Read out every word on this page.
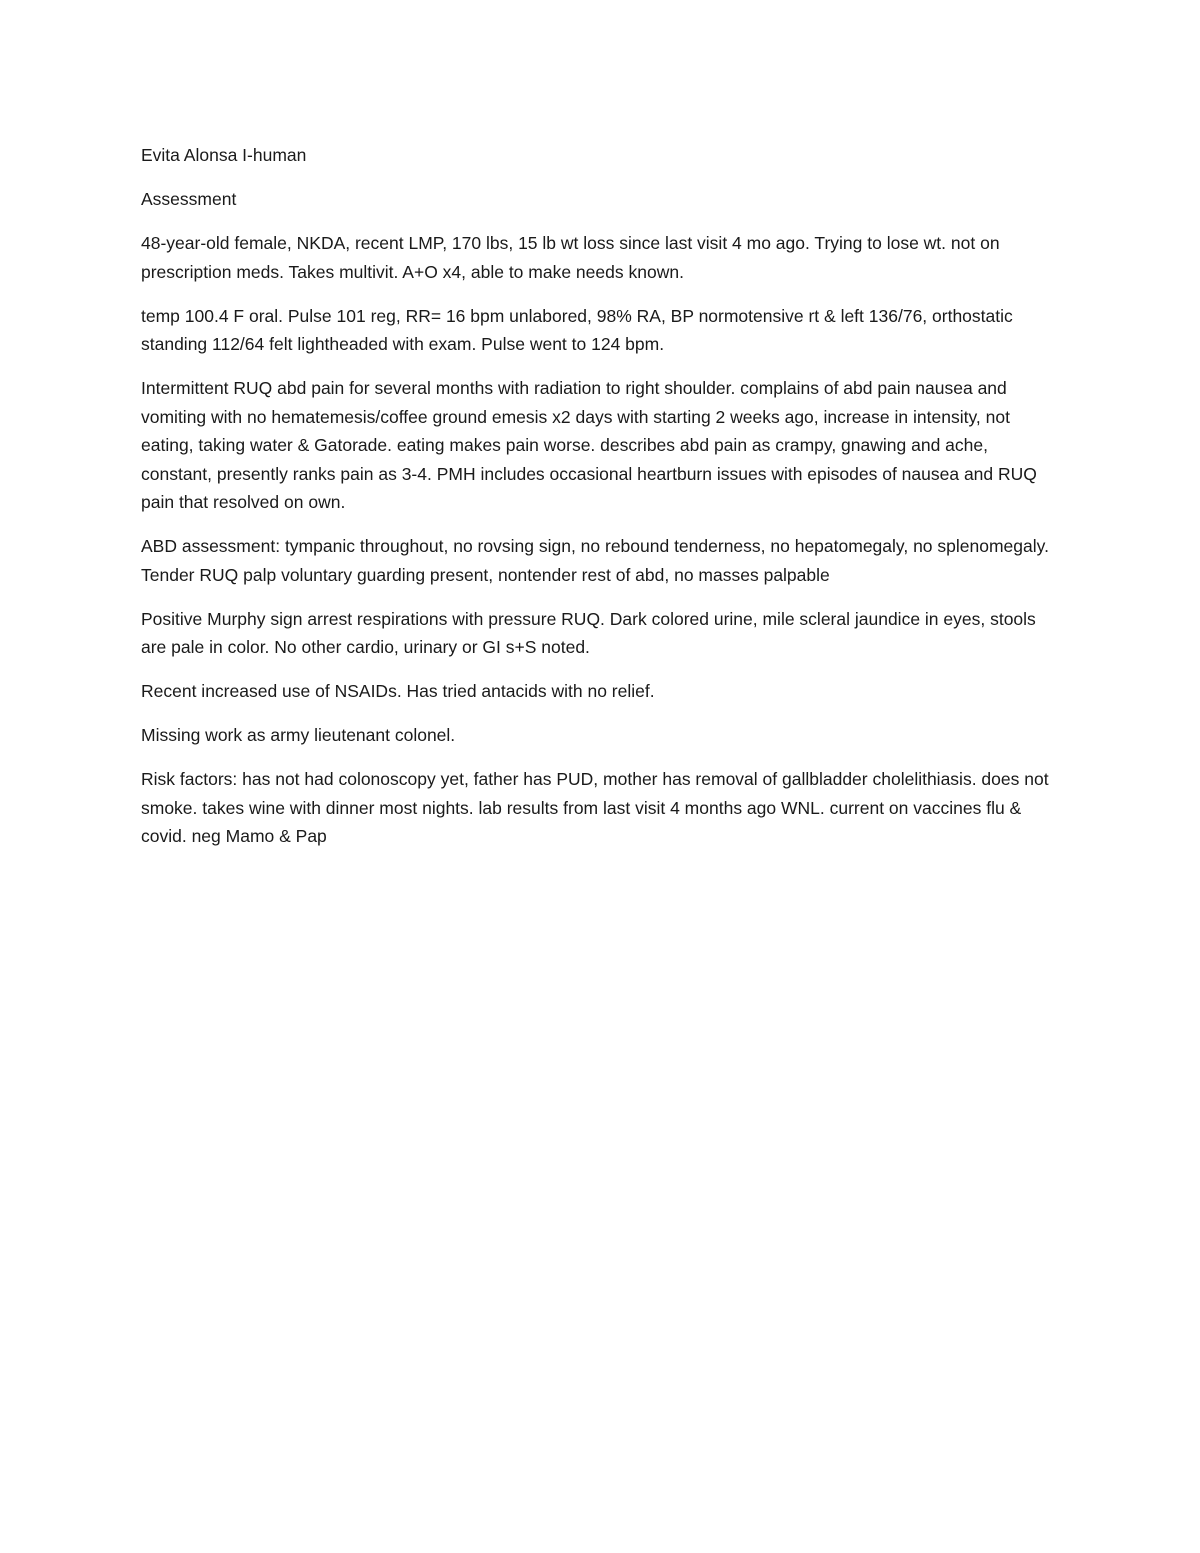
Evita Alonsa I-human

Assessment

48-year-old female, NKDA, recent LMP, 170 lbs, 15 lb wt loss since last visit 4 mo ago. Trying to lose wt. not on prescription meds. Takes multivit. A+O x4, able to make needs known.

temp 100.4 F oral. Pulse 101 reg, RR= 16 bpm unlabored, 98% RA, BP normotensive rt & left 136/76, orthostatic standing 112/64 felt lightheaded with exam. Pulse went to 124 bpm.

Intermittent RUQ abd pain for several months with radiation to right shoulder. complains of abd pain nausea and vomiting with no hematemesis/coffee ground emesis x2 days with starting 2 weeks ago, increase in intensity, not eating, taking water & Gatorade. eating makes pain worse. describes abd pain as crampy, gnawing and ache, constant, presently ranks pain as 3-4. PMH includes occasional heartburn issues with episodes of nausea and RUQ pain that resolved on own.

ABD assessment: tympanic throughout, no rovsing sign, no rebound tenderness, no hepatomegaly, no splenomegaly. Tender RUQ palp voluntary guarding present, nontender rest of abd, no masses palpable

Positive Murphy sign arrest respirations with pressure RUQ. Dark colored urine, mile scleral jaundice in eyes, stools are pale in color. No other cardio, urinary or GI s+S noted.

Recent increased use of NSAIDs. Has tried antacids with no relief.

Missing work as army lieutenant colonel.

Risk factors: has not had colonoscopy yet, father has PUD, mother has removal of gallbladder cholelithiasis. does not smoke. takes wine with dinner most nights. lab results from last visit 4 months ago WNL. current on vaccines flu & covid. neg Mamo & Pap
